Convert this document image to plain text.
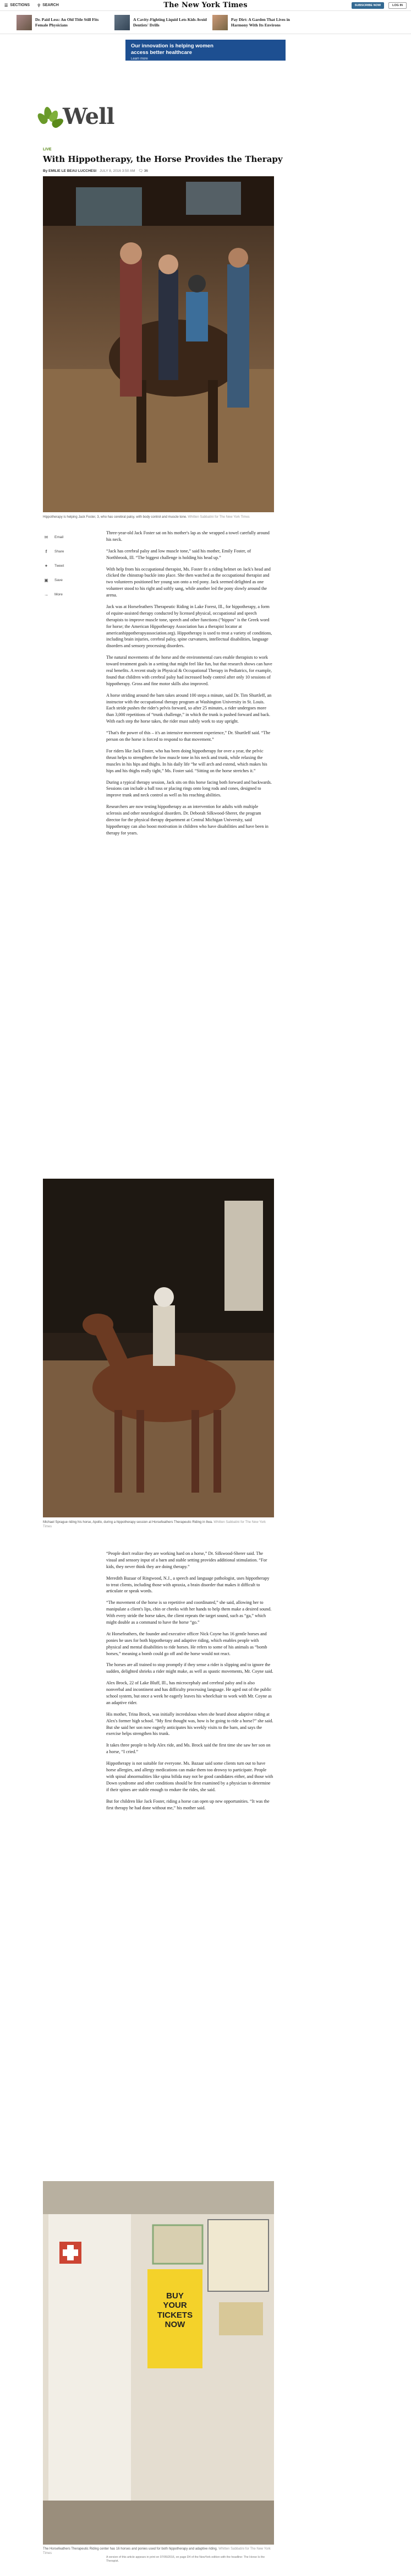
☰ SECTIONS ⚲ SEARCH	The New York Times	SUBSCRIBE NOW	LOG IN
Dr. Paid Less: An Old Title Still Fits Female Physicians
A Cavity-Fighting Liquid Lets Kids Avoid Dentists' Drills
Pay Dirt: A Garden That Lives in Harmony With Its Environs
Our innovation is helping women
access better healthcare
Learn more
Well
LIVE
With Hippotherapy, the Horse Provides the Therapy
By EMILIE LE BEAU LUCCHESI JULY 8, 2016 3:50 AM 🗨 36
Hippotherapy is helping Jack Foster, 3, who has cerebral palsy, with body control and muscle tone. Whitten Sabbatini for The New York Times
✉	Email
f	Share
✦	Tweet
▣	Save
→	More

Three-year-old Jack Foster sat on his mother's lap as she wrapped a towel carefully around his neck.

“Jack has cerebral palsy and low muscle tone,” said his mother, Emily Foster, of Northbrook, Ill. “The biggest challenge is holding his head up.”

With help from his occupational therapist, Ms. Foster fit a riding helmet on Jack's head and clicked the chinstrap buckle into place. She then watched as the occupational therapist and two volunteers positioned her young son onto a red pony. Jack seemed delighted as one volunteer stood to his right and softly sang, while another led the pony slowly around the arena.

Jack was at Horsefeathers Therapeutic Riding in Lake Forest, Ill., for hippotherapy, a form of equine-assisted therapy conducted by licensed physical, occupational and speech therapists to improve muscle tone, speech and other functions (“hippos” is the Greek word for horse; the American Hippotherapy Association has a therapist locator at americanhippotherapyassociation.org). Hippotherapy is used to treat a variety of conditions, including brain injuries, cerebral palsy, spine curvatures, intellectual disabilities, language disorders and sensory processing disorders.

The natural movements of the horse and the environmental cues enable therapists to work toward treatment goals in a setting that might feel like fun, but that research shows can have real benefits. A recent study in Physical & Occupational Therapy in Pediatrics, for example, found that children with cerebral palsy had increased body control after only 10 sessions of hippotherapy. Gross and fine motor skills also improved.

A horse striding around the barn takes around 100 steps a minute, said Dr. Tim Shurtleff, an instructor with the occupational therapy program at Washington University in St. Louis. Each stride pushes the rider's pelvis forward, so after 25 minutes, a rider undergoes more than 3,000 repetitions of “trunk challenge,” in which the trunk is pushed forward and back. With each step the horse takes, the rider must subtly work to stay upright.

“That's the power of this – it's an intensive movement experience,” Dr. Shurtleff said. “The person on the horse is forced to respond to that movement.”

For riders like Jack Foster, who has been doing hippotherapy for over a year, the pelvic thrust helps to strengthen the low muscle tone in his neck and trunk, while relaxing the muscles in his hips and thighs. In his daily life “he will arch and extend, which makes his hips and his thighs really tight,” Ms. Foster said. “Sitting on the horse stretches it.”

During a typical therapy session, Jack sits on this horse facing both forward and backwards. Sessions can include a ball toss or placing rings onto long rods and cones, designed to improve trunk and neck control as well as his reaching abilities.

Researchers are now testing hippotherapy as an intervention for adults with multiple sclerosis and other neurological disorders. Dr. Deborah Silkwood-Sherer, the program director for the physical therapy department at Central Michigan University, said hippotherapy can also boost motivation in children who have disabilities and have been in therapy for years.

Michael Sprague riding his horse, Apollo, during a hippotherapy session at Horsefeathers Therapeutic Riding in Ilwa. Whitten Sabbatini for The New York Times

“People don't realize they are working hard on a horse,” Dr. Silkwood-Sherer said. The visual and sensory input of a barn and stable setting provides additional stimulation. “For kids, they never think they are doing therapy.”

Meredith Bazaar of Ringwood, N.J., a speech and language pathologist, uses hippotherapy to treat clients, including those with apraxia, a brain disorder that makes it difficult to articulate or speak words.

“The movement of the horse is so repetitive and coordinated,” she said, allowing her to manipulate a client's lips, chin or cheeks with her hands to help them make a desired sound. With every stride the horse takes, the client repeats the target sound, such as “ga,” which might double as a command to have the horse “go.”

At Horsefeathers, the founder and executive officer Nick Coyne has 16 gentle horses and ponies he uses for both hippotherapy and adaptive riding, which enables people with physical and mental disabilities to ride horses. He refers to some of his animals as “bomb horses,” meaning a bomb could go off and the horse would not react.

The horses are all trained to stop promptly if they sense a rider is slipping and to ignore the sudden, delighted shrieks a rider might make, as well as spastic movements, Mr. Coyne said.

Alex Brock, 22 of Lake Bluff, Ill., has microcephaly and cerebral palsy and is also nonverbal and incontinent and has difficulty processing language. He aged out of the public school system, but once a week he eagerly leaves his wheelchair to work with Mr. Coyne as an adaptive rider.

His mother, Trina Brock, was initially incredulous when she heard about adaptive riding at Alex's former high school. “My first thought was, how is he going to ride a horse?” she said. But she said her son now eagerly anticipates his weekly visits to the barn, and says the exercise helps strengthen his trunk.

It takes three people to help Alex ride, and Ms. Brock said the first time she saw her son on a horse, “I cried.”

Hippotherapy is not suitable for everyone. Ms. Bazaar said some clients turn out to have horse allergies, and allergy medications can make them too drowsy to participate. People with spinal abnormalities like spina bifida may not be good candidates either, and those with Down syndrome and other conditions should be first examined by a physician to determine if their spines are stable enough to endure the rides, she said.

But for children like Jack Foster, riding a horse can open up new opportunities. “It was the first therapy he had done without me,” his mother said.

BUY
YOUR
TICKETS
NOW
The Horsefeathers Therapeutic Riding center has 16 horses and ponies used for both hippotherapy and adaptive riding. Whitten Sabbatini for The New York Times
A version of this article appears in print on 07/05/2016, on page D4 of the NewYork edition with the headline: The Horse Is the Therapist.
